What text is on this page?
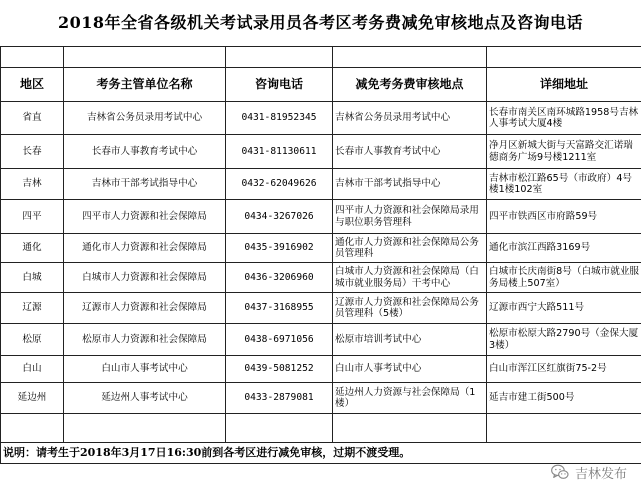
2018年全省各级机关考试录用员各考区考务费减免审核地点及咨询电话

地区	考务主管单位名称	咨询电话	减免考务费审核地点	详细地址
省直	吉林省公务员录用考试中心	0431-81952345	吉林省公务员录用考试中心	长春市南关区南环城路1958号吉林人事考试大厦4楼
长春	长春市人事教育考试中心	0431-81130611	长春市人事教育考试中心	净月区新城大街与天富路交汇诺瑞德商务广场9号楼1211室
吉林	吉林市干部考试指导中心	0432-62049626	吉林市干部考试指导中心	吉林市松江路65号（市政府）4号楼1楼102室
四平	四平市人力资源和社会保障局	0434-3267026	四平市人力资源和社会保障局录用与职位职务管理科	四平市铁西区市府路59号
通化	通化市人力资源和社会保障局	0435-3916902	通化市人力资源和社会保障局公务员管理科	通化市滨江西路3169号
白城	白城市人力资源和社会保障局	0436-3206960	白城市人力资源和社会保障局（白城市就业服务局）干考中心	白城市长庆南街8号（白城市就业服务局楼上507室）
辽源	辽源市人力资源和社会保障局	0437-3168955	辽源市人力资源和社会保障局公务员管理科（5楼）	辽源市西宁大路511号
松原	松原市人力资源和社会保障局	0438-6971056	松原市培训考试中心	松原市松原大路2790号（金保大厦3楼）
白山	白山市人事考试中心	0439-5081252	白山市人事考试中心	白山市浑江区红旗街75-2号
延边州	延边州人事考试中心	0433-2879081	延边州人力资源与社会保障局（1楼）	延吉市建工街500号

说明：请考生于2018年3月17日16:30前到各考区进行减免审核，过期不渡受理。				
吉林发布
